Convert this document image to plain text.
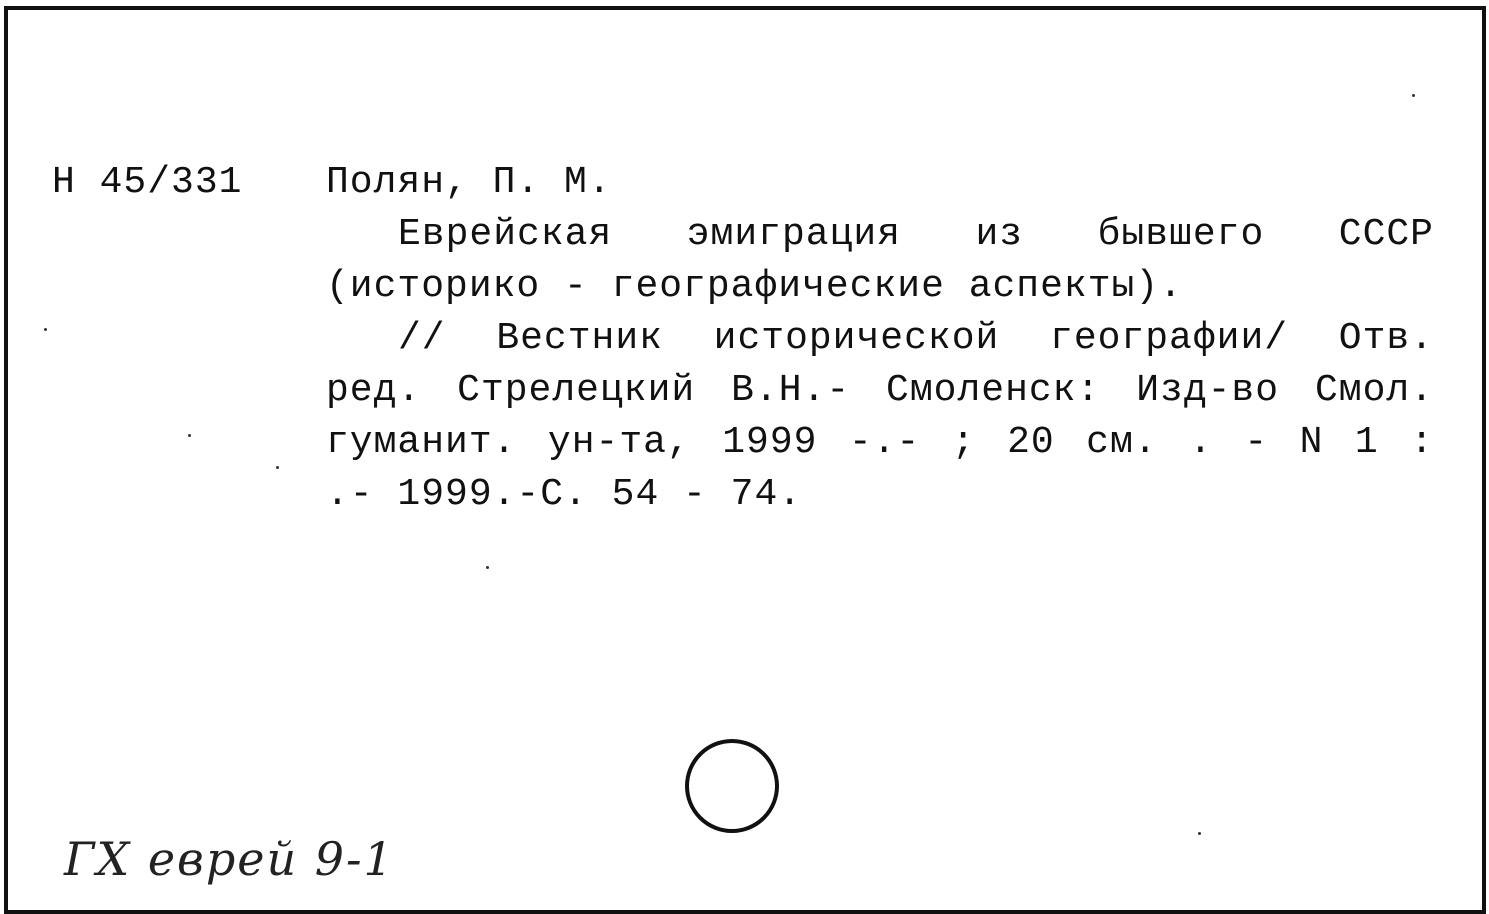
Н 45/331 Полян, П. М.
Еврейская эмиграция из бывшего СССР
(историко - географические аспекты).
// Вестник исторической географии/ Отв.
ред. Стрелецкий В.Н.- Смоленск: Изд-во Смол.
гуманит. ун-та, 1999 -.- ; 20 см. . - N 1 :
.- 1999.-С. 54 - 74.
ГХ еврей 9-1
